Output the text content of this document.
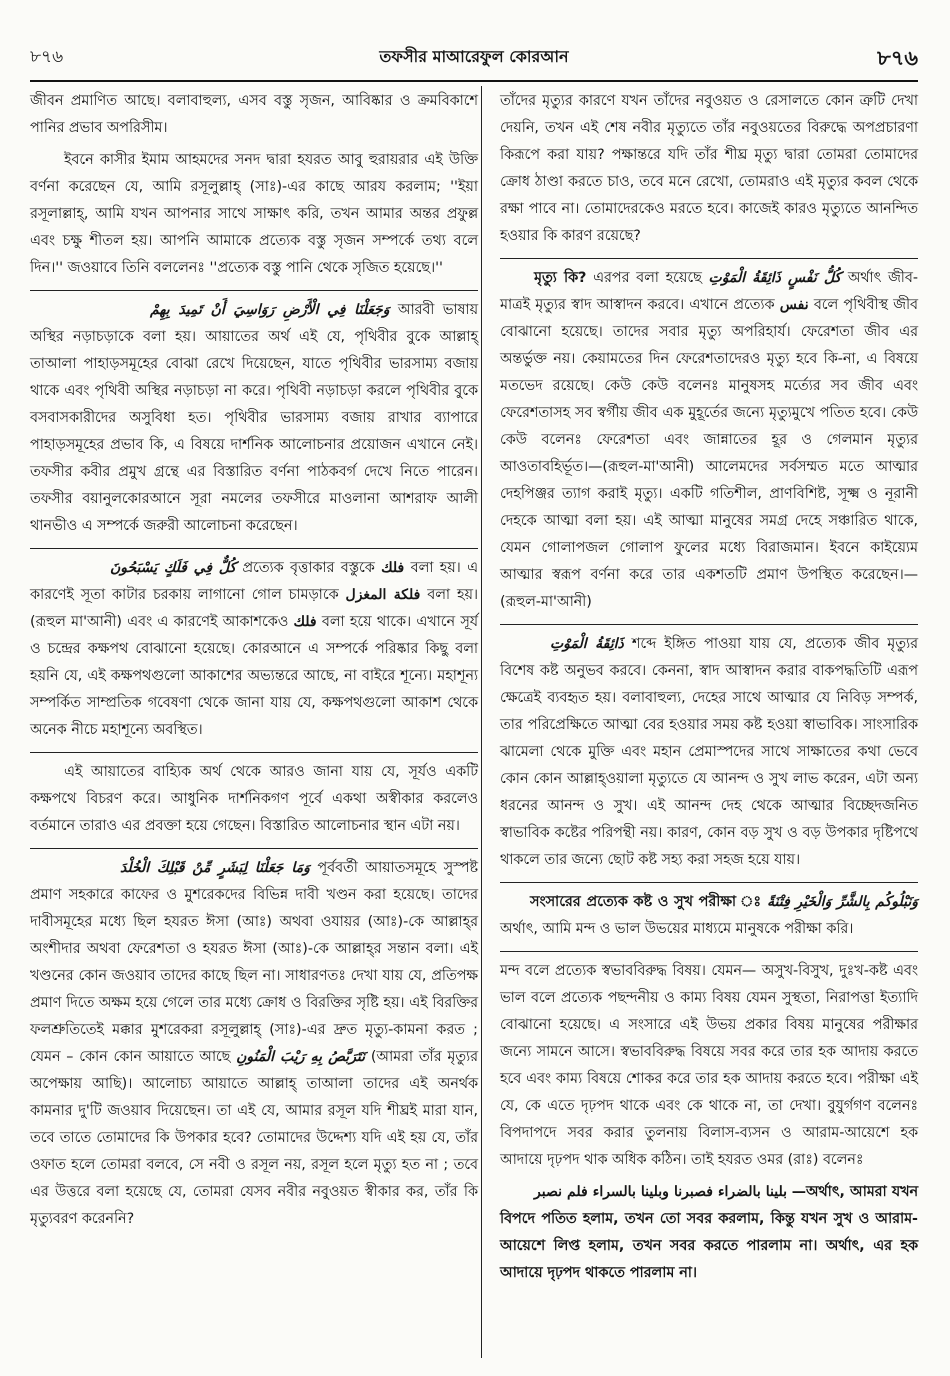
৮৭৬	তফসীর মাআরেফুল কোরআন	৮৭৬

জীবন প্রমাণিত আছে। বলাবাহুল্য, এসব বস্তু সৃজন, আবিষ্কার ও ক্রমবিকাশে পানির প্রভাব অপরিসীম।

ইবনে কাসীর ইমাম আহমদের সনদ দ্বারা হযরত আবু হুরায়রার এই উক্তি বর্ণনা করেছেন যে, আমি রসূলুল্লাহ্ (সাঃ)-এর কাছে আরয করলাম; ''ইয়া রসূলাল্লাহ্, আমি যখন আপনার সাথে সাক্ষাৎ করি, তখন আমার অন্তর প্রফুল্ল এবং চক্ষু শীতল হয়। আপনি আমাকে প্রত্যেক বস্তু সৃজন সম্পর্কে তথ্য বলে দিন।'' জওয়াবে তিনি বললেনঃ ''প্রত্যেক বস্তু পানি থেকে সৃজিত হয়েছে।''

وَجَعَلْنَا فِي الْأَرْضِ رَوَاسِيَ أَنْ تَمِيدَ بِهِمْ আরবী ভাষায় অস্থির নড়াচড়াকে বলা হয়। আয়াতের অর্থ এই যে, পৃথিবীর বুকে আল্লাহ্ তাআলা পাহাড়সমূহের বোঝা রেখে দিয়েছেন, যাতে পৃথিবীর ভারসাম্য বজায় থাকে এবং পৃথিবী অস্থির নড়াচড়া না করে। পৃথিবী নড়াচড়া করলে পৃথিবীর বুকে বসবাসকারীদের অসুবিধা হত। পৃথিবীর ভারসাম্য বজায় রাখার ব্যাপারে পাহাড়সমূহের প্রভাব কি, এ বিষয়ে দার্শনিক আলোচনার প্রয়োজন এখানে নেই। তফসীর কবীর প্রমুখ গ্রন্থে এর বিস্তারিত বর্ণনা পাঠকবর্গ দেখে নিতে পারেন। তফসীর বয়ানুলকোরআনে সূরা নমলের তফসীরে মাওলানা আশরাফ আলী থানভীও এ সম্পর্কে জরুরী আলোচনা করেছেন।

كُلٌّ فِي فَلَكٍ يَسْبَحُونَ প্রত্যেক বৃত্তাকার বস্তুকে فلك বলা হয়। এ কারণেই সূতা কাটার চরকায় লাগানো গোল চামড়াকে فلكة المغزل বলা হয়। (রূহুল মা'আনী) এবং এ কারণেই আকাশকেও فلك বলা হয়ে থাকে। এখানে সূর্য ও চন্দ্রের কক্ষপথ বোঝানো হয়েছে। কোরআনে এ সম্পর্কে পরিষ্কার কিছু বলা হয়নি যে, এই কক্ষপথগুলো আকাশের অভ্যন্তরে আছে, না বাইরে শূন্যে। মহাশূন্য সম্পর্কিত সাম্প্রতিক গবেষণা থেকে জানা যায় যে, কক্ষপথগুলো আকাশ থেকে অনেক নীচে মহাশূন্যে অবস্থিত।

এই আয়াতের বাহ্যিক অর্থ থেকে আরও জানা যায় যে, সূর্যও একটি কক্ষপথে বিচরণ করে। আধুনিক দার্শনিকগণ পূর্বে একথা অস্বীকার করলেও বর্তমানে তারাও এর প্রবক্তা হয়ে গেছেন। বিস্তারিত আলোচনার স্থান এটা নয়।

وَمَا جَعَلْنَا لِبَشَرٍ مِّنْ قَبْلِكَ الْخُلْدَ পূর্ববর্তী আয়াতসমূহে সুস্পষ্ট প্রমাণ সহকারে কাফের ও মুশরেকদের বিভিন্ন দাবী খণ্ডন করা হয়েছে। তাদের দাবীসমূহের মধ্যে ছিল হযরত ঈসা (আঃ) অথবা ওযায়র (আঃ)-কে আল্লাহ্‌র অংশীদার অথবা ফেরেশতা ও হযরত ঈসা (আঃ)-কে আল্লাহ্‌র সন্তান বলা। এই খণ্ডনের কোন জওয়াব তাদের কাছে ছিল না। সাধারণতঃ দেখা যায় যে, প্রতিপক্ষ প্রমাণ দিতে অক্ষম হয়ে গেলে তার মধ্যে ক্রোধ ও বিরক্তির সৃষ্টি হয়। এই বিরক্তির ফলশ্রুতিতেই মক্কার মুশরেকরা রসূলুল্লাহ্ (সাঃ)-এর দ্রুত মৃত্যু-কামনা করত ; যেমন – কোন কোন আয়াতে আছে نَتَرَبَّصُ بِهِ رَيْبَ الْمَنُونِ (আমরা তাঁর মৃত্যুর অপেক্ষায় আছি)। আলোচ্য আয়াতে আল্লাহ্ তাআলা তাদের এই অনর্থক কামনার দু'টি জওয়াব দিয়েছেন। তা এই যে, আমার রসূল যদি শীঘ্রই মারা যান, তবে তাতে তোমাদের কি উপকার হবে? তোমাদের উদ্দেশ্য যদি এই হয় যে, তাঁর ওফাত হলে তোমরা বলবে, সে নবী ও রসূল নয়, রসূল হলে মৃত্যু হত না ; তবে এর উত্তরে বলা হয়েছে যে, তোমরা যেসব নবীর নবুওয়ত স্বীকার কর, তাঁর কি মৃত্যুবরণ করেননি?

তাঁদের মৃত্যুর কারণে যখন তাঁদের নবুওয়ত ও রেসালতে কোন ত্রুটি দেখা দেয়নি, তখন এই শেষ নবীর মৃত্যুতে তাঁর নবুওয়তের বিরুদ্ধে অপপ্রচারণা কিরূপে করা যায়? পক্ষান্তরে যদি তাঁর শীঘ্র মৃত্যু দ্বারা তোমরা তোমাদের ক্রোধ ঠাণ্ডা করতে চাও, তবে মনে রেখো, তোমরাও এই মৃত্যুর কবল থেকে রক্ষা পাবে না। তোমাদেরকেও মরতে হবে। কাজেই কারও মৃত্যুতে আনন্দিত হওয়ার কি কারণ রয়েছে?

মৃত্যু কি? এরপর বলা হয়েছে كُلُّ نَفْسٍ ذَائِقَةُ الْمَوْتِ অর্থাৎ জীব-মাত্রই মৃত্যুর স্বাদ আস্বাদন করবে। এখানে প্রত্যেক نفس বলে পৃথিবীস্থ জীব বোঝানো হয়েছে। তাদের সবার মৃত্যু অপরিহার্য। ফেরেশতা জীব এর অন্তর্ভুক্ত নয়। কেয়ামতের দিন ফেরেশতাদেরও মৃত্যু হবে কি-না, এ বিষয়ে মতভেদ রয়েছে। কেউ কেউ বলেনঃ মানুষসহ মর্ত্যের সব জীব এবং ফেরেশতাসহ সব স্বর্গীয় জীব এক মুহূর্তের জন্যে মৃত্যুমুখে পতিত হবে। কেউ কেউ বলেনঃ ফেরেশতা এবং জান্নাতের হূর ও গেলমান মৃত্যুর আওতাবহির্ভূত।—(রূহুল-মা'আনী) আলেমদের সর্বসম্মত মতে আত্মার দেহপিঞ্জর ত্যাগ করাই মৃত্যু। একটি গতিশীল, প্রাণবিশিষ্ট, সূক্ষ্ম ও নূরানী দেহকে আত্মা বলা হয়। এই আত্মা মানুষের সমগ্র দেহে সঞ্চারিত থাকে, যেমন গোলাপজল গোলাপ ফুলের মধ্যে বিরাজমান। ইবনে কাইয়্যেম আত্মার স্বরূপ বর্ণনা করে তার একশতটি প্রমাণ উপস্থিত করেছেন।—(রূহুল-মা'আনী)

ذَائِقَةُ الْمَوْتِ শব্দে ইঙ্গিত পাওয়া যায় যে, প্রত্যেক জীব মৃত্যুর বিশেষ কষ্ট অনুভব করবে। কেননা, স্বাদ আস্বাদন করার বাকপদ্ধতিটি এরূপ ক্ষেত্রেই ব্যবহৃত হয়। বলাবাহুল্য, দেহের সাথে আত্মার যে নিবিড় সম্পর্ক, তার পরিপ্রেক্ষিতে আত্মা বের হওয়ার সময় কষ্ট হওয়া স্বাভাবিক। সাংসারিক ঝামেলা থেকে মুক্তি এবং মহান প্রেমাস্পদের সাথে সাক্ষাতের কথা ভেবে কোন কোন আল্লাহ্ওয়ালা মৃত্যুতে যে আনন্দ ও সুখ লাভ করেন, এটা অন্য ধরনের আনন্দ ও সুখ। এই আনন্দ দেহ থেকে আত্মার বিচ্ছেদজনিত স্বাভাবিক কষ্টের পরিপন্থী নয়। কারণ, কোন বড় সুখ ও বড় উপকার দৃষ্টিপথে থাকলে তার জন্যে ছোট কষ্ট সহ্য করা সহজ হয়ে যায়।

সংসারের প্রত্যেক কষ্ট ও সুখ পরীক্ষা ঃ وَنَبْلُوكُم بِالشَّرِّ وَالْخَيْرِ فِتْنَةً অর্থাৎ, আমি মন্দ ও ভাল উভয়ের মাধ্যমে মানুষকে পরীক্ষা করি।

মন্দ বলে প্রত্যেক স্বভাববিরুদ্ধ বিষয়। যেমন— অসুখ-বিসুখ, দুঃখ-কষ্ট এবং ভাল বলে প্রত্যেক পছন্দনীয় ও কাম্য বিষয় যেমন সুস্থতা, নিরাপত্তা ইত্যাদি বোঝানো হয়েছে। এ সংসারে এই উভয় প্রকার বিষয় মানুষের পরীক্ষার জন্যে সামনে আসে। স্বভাববিরুদ্ধ বিষয়ে সবর করে তার হক আদায় করতে হবে এবং কাম্য বিষয়ে শোকর করে তার হক আদায় করতে হবে। পরীক্ষা এই যে, কে এতে দৃঢ়পদ থাকে এবং কে থাকে না, তা দেখা। বুযুর্গগণ বলেনঃ বিপদাপদে সবর করার তুলনায় বিলাস-ব্যসন ও আরাম-আয়েশে হক আদায়ে দৃঢ়পদ থাক অধিক কঠিন। তাই হযরত ওমর (রাঃ) বলেনঃ

بلينا بالضراء فصبرنا وبلينا بالسراء فلم نصبر —অর্থাৎ, আমরা যখন বিপদে পতিত হলাম, তখন তো সবর করলাম, কিন্তু যখন সুখ ও আরাম-আয়েশে লিপ্ত হলাম, তখন সবর করতে পারলাম না। অর্থাৎ, এর হক আদায়ে দৃঢ়পদ থাকতে পারলাম না।
